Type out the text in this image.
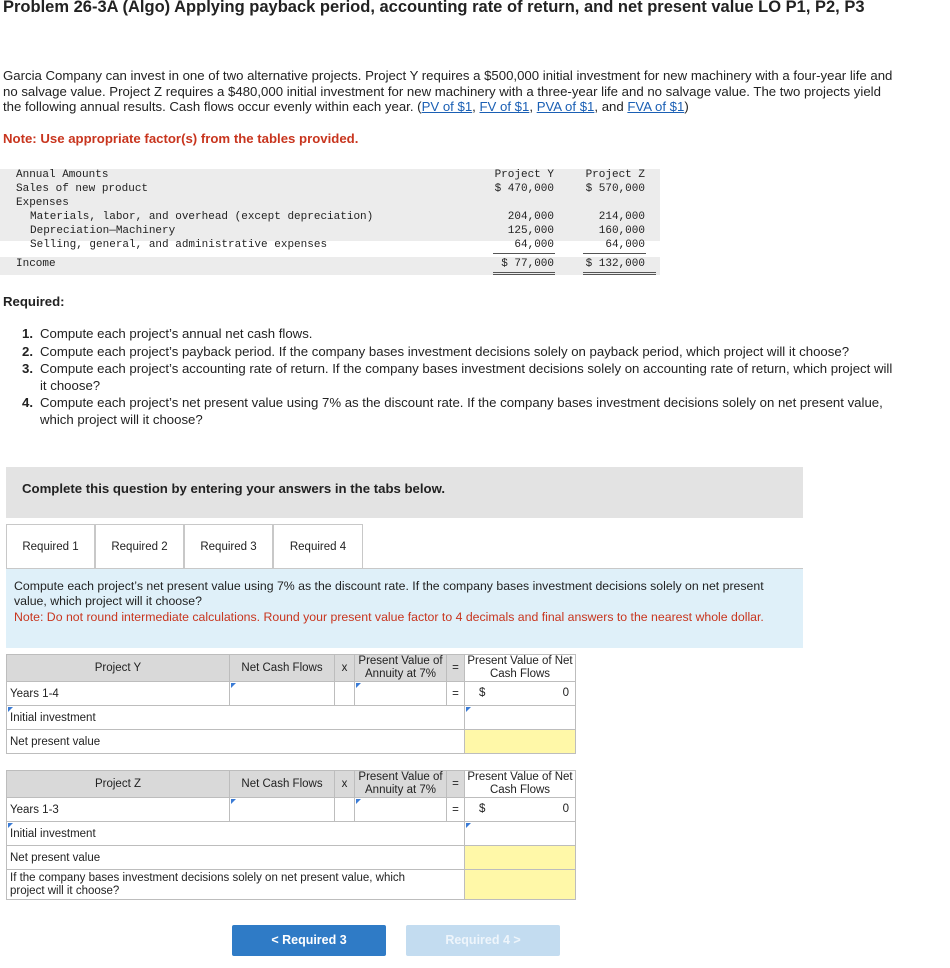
Problem 26-3A (Algo) Applying payback period, accounting rate of return, and net present value LO P1, P2, P3
Garcia Company can invest in one of two alternative projects. Project Y requires a $500,000 initial investment for new machinery with a four-year life and no salvage value. Project Z requires a $480,000 initial investment for new machinery with a three-year life and no salvage value. The two projects yield the following annual results. Cash flows occur evenly within each year. (PV of $1, FV of $1, PVA of $1, and FVA of $1)
Note: Use appropriate factor(s) from the tables provided.
Annual Amounts	Project Y	Project Z
Sales of new product	$ 470,000	$ 570,000
Expenses
Materials, labor, and overhead (except depreciation)	204,000	214,000
Depreciation—Machinery	125,000	160,000
Selling, general, and administrative expenses	64,000	64,000
Income	$ 77,000	$ 132,000
Required:
1. Compute each project’s annual net cash flows.
2. Compute each project’s payback period. If the company bases investment decisions solely on payback period, which project will it choose?
3. Compute each project’s accounting rate of return. If the company bases investment decisions solely on accounting rate of return, which project will it choose?
4. Compute each project’s net present value using 7% as the discount rate. If the company bases investment decisions solely on net present value, which project will it choose?
Complete this question by entering your answers in the tabs below.
Required 1	Required 2	Required 3	Required 4
Compute each project’s net present value using 7% as the discount rate. If the company bases investment decisions solely on net present value, which project will it choose?
Note: Do not round intermediate calculations. Round your present value factor to 4 decimals and final answers to the nearest whole dollar.
Project Y	Net Cash Flows	x	Present Value of Annuity at 7%	=	Present Value of Net Cash Flows
Years 1-4				=	$ 0

Initial investment					

Net present value					
Project Z	Net Cash Flows	x	Present Value of Annuity at 7%	=	Present Value of Net Cash Flows
Years 1-3				=	$ 0

Initial investment					

Net present value					

If the company bases investment decisions solely on net present value, which project will it choose?					

< Required 3	Required 4 >
